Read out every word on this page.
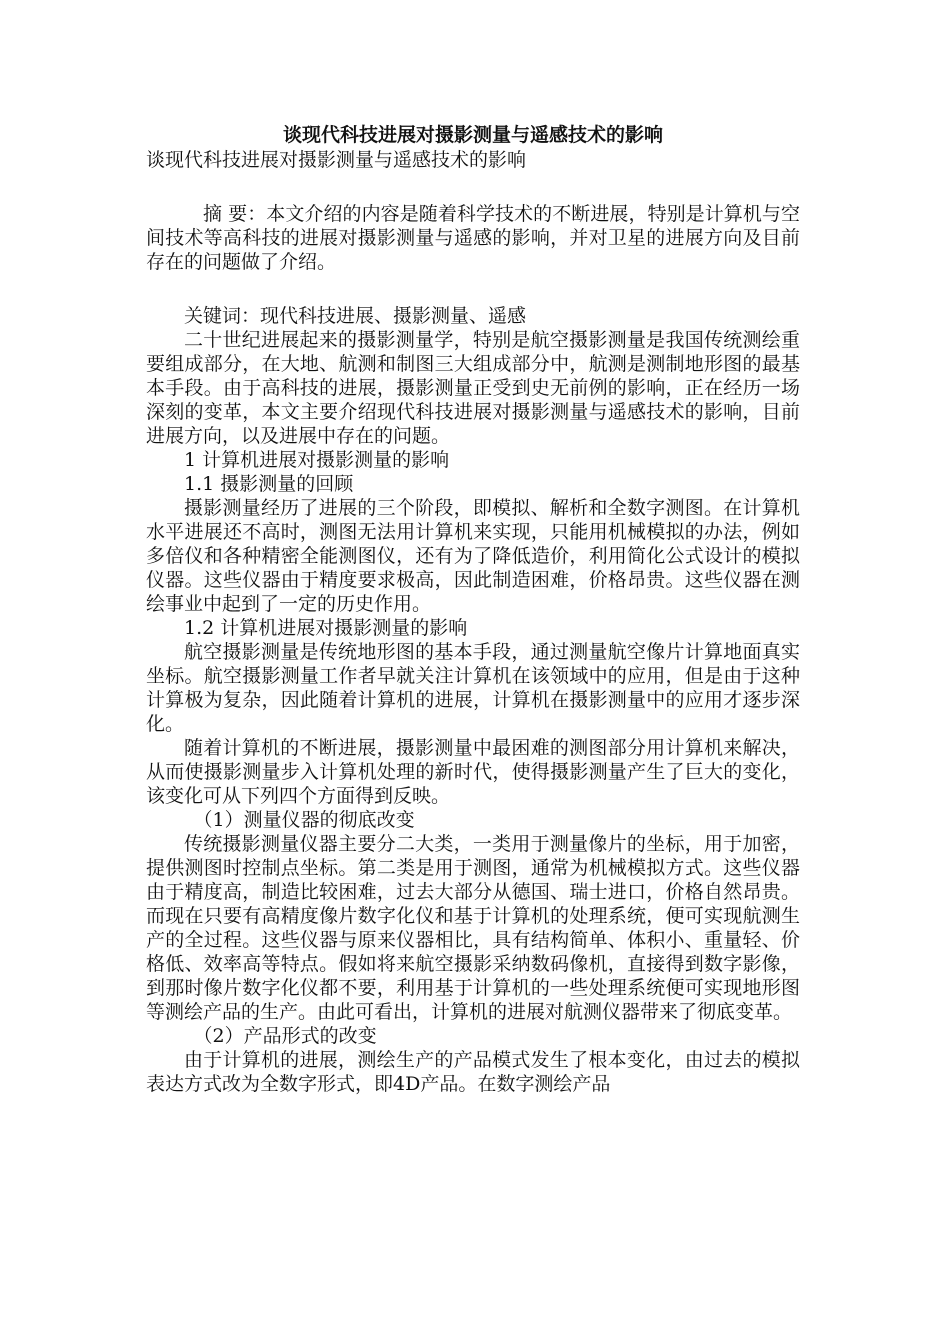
谈现代科技进展对摄影测量与遥感技术的影响

谈现代科技进展对摄影测量与遥感技术的影响

摘 要：本文介绍的内容是随着科学技术的不断进展，特别是计算机与空间技术等高科技的进展对摄影测量与遥感的影响，并对卫星的进展方向及目前存在的问题做了介绍。

关键词：现代科技进展、摄影测量、遥感

二十世纪进展起来的摄影测量学，特别是航空摄影测量是我国传统测绘重要组成部分，在大地、航测和制图三大组成部分中，航测是测制地形图的最基本手段。由于高科技的进展，摄影测量正受到史无前例的影响，正在经历一场深刻的变革，本文主要介绍现代科技进展对摄影测量与遥感技术的影响，目前进展方向，以及进展中存在的问题。

1 计算机进展对摄影测量的影响

1.1 摄影测量的回顾

摄影测量经历了进展的三个阶段，即模拟、解析和全数字测图。在计算机水平进展还不高时，测图无法用计算机来实现，只能用机械模拟的办法，例如多倍仪和各种精密全能测图仪，还有为了降低造价，利用简化公式设计的模拟仪器。这些仪器由于精度要求极高，因此制造困难，价格昂贵。这些仪器在测绘事业中起到了一定的历史作用。

1.2 计算机进展对摄影测量的影响

航空摄影测量是传统地形图的基本手段，通过测量航空像片计算地面真实坐标。航空摄影测量工作者早就关注计算机在该领域中的应用，但是由于这种计算极为复杂，因此随着计算机的进展，计算机在摄影测量中的应用才逐步深化。

随着计算机的不断进展，摄影测量中最困难的测图部分用计算机来解决，从而使摄影测量步入计算机处理的新时代，使得摄影测量产生了巨大的变化，该变化可从下列四个方面得到反映。

（1）测量仪器的彻底改变

传统摄影测量仪器主要分二大类，一类用于测量像片的坐标，用于加密，提供测图时控制点坐标。第二类是用于测图，通常为机械模拟方式。这些仪器由于精度高，制造比较困难，过去大部分从德国、瑞士进口，价格自然昂贵。而现在只要有高精度像片数字化仪和基于计算机的处理系统，便可实现航测生产的全过程。这些仪器与原来仪器相比，具有结构简单、体积小、重量轻、价格低、效率高等特点。假如将来航空摄影采纳数码像机，直接得到数字影像，到那时像片数字化仪都不要，利用基于计算机的一些处理系统便可实现地形图等测绘产品的生产。由此可看出，计算机的进展对航测仪器带来了彻底变革。

（2）产品形式的改变

由于计算机的进展，测绘生产的产品模式发生了根本变化，由过去的模拟表达方式改为全数字形式，即4D产品。在数字测绘产品
